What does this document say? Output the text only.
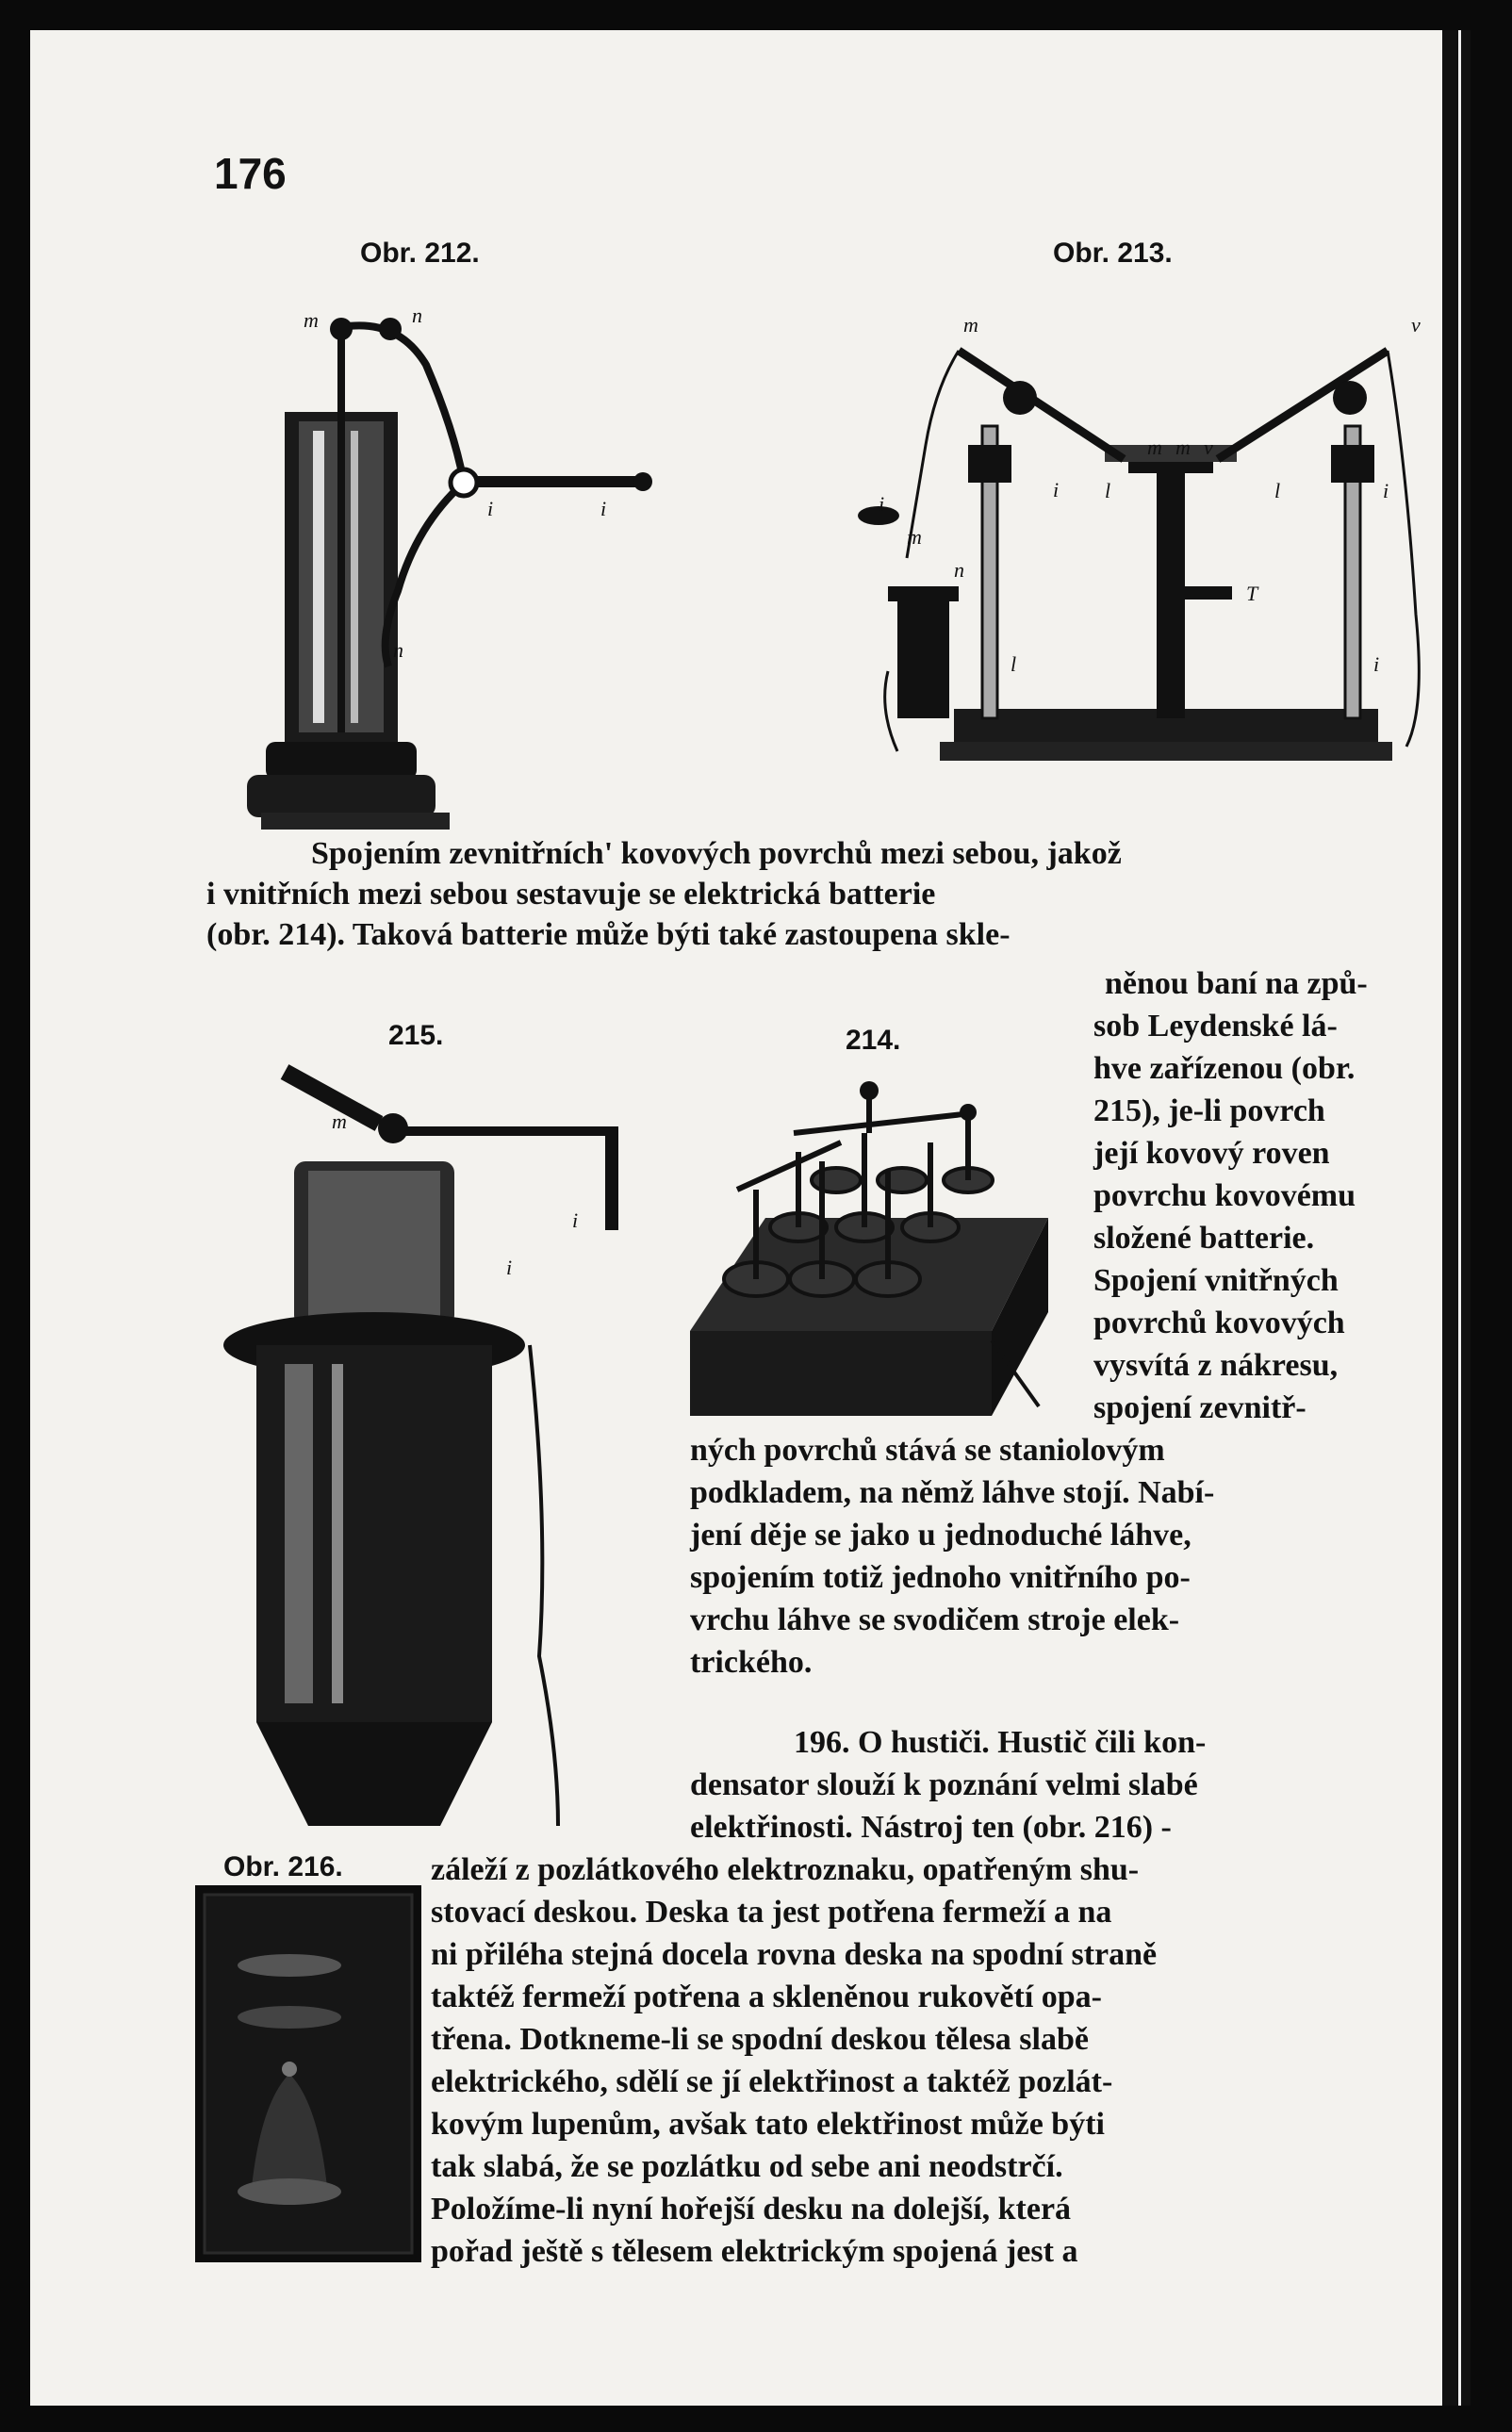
176
Obr. 212.
m	n
i	i
n
Obr. 213.
m	v
i
m
n
i l	i
m m v
l
T
l	i
215.
m
i
i
214.
Obr. 216.
Spojením zevnitřních' kovových povrchů mezi sebou, jakož
i vnitřních mezi sebou sestavuje se elektrická batterie
(obr. 214). Taková batterie může býti také zastoupena skle-
něnou baní na způ-
sob Leydenské lá-
hve zařízenou (obr.
215), je-li povrch
její kovový roven
povrchu kovovému
složené batterie.
Spojení vnitřných
povrchů kovových
vysvítá z nákresu,
spojení zevnitř-
ných povrchů stává se staniolovým
podkladem, na němž láhve stojí. Nabí-
jení děje se jako u jednoduché láhve,
spojením totiž jednoho vnitřního po-
vrchu láhve se svodičem stroje elek-
trického.
196. O hustiči. Hustič čili kon-
densator slouží k poznání velmi slabé
elektřinosti. Nástroj ten (obr. 216) -
záleží z pozlátkového elektroznaku, opatřeným shu-
stovací deskou. Deska ta jest potřena fermeží a na
ni přiléha stejná docela rovna deska na spodní straně
taktéž fermeží potřena a skleněnou rukovětí opa-
třena. Dotkneme-li se spodní deskou tělesa slabě
elektrického, sdělí se jí elektřinost a taktéž pozlát-
kovým lupenům, avšak tato elektřinost může býti
tak slabá, že se pozlátku od sebe ani neodstrčí.
Položíme-li nyní hořejší desku na dolejší, která
pořad ještě s tělesem elektrickým spojená jest a
